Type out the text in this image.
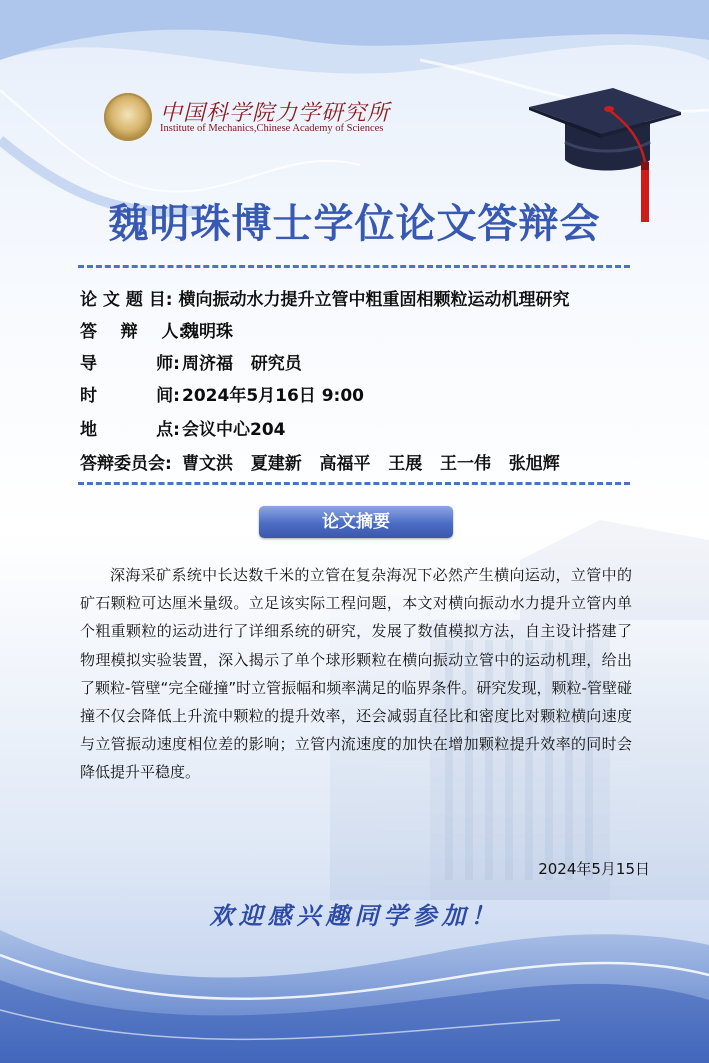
中国科学院力学研究所
Institute of Mechanics,Chinese Academy of Sciences
魏明珠博士学位论文答辩会
论 文 题 目: 横向振动水力提升立管中粗重固相颗粒运动机理研究
答    辩    人:魏明珠
导          师: 周济福   研究员
时          间: 2024年5月16日 9:00
地          点: 会议中心204
答辩委员会: 曹文洪   夏建新   高福平   王展   王一伟   张旭辉
论文摘要
深海采矿系统中长达数千米的立管在复杂海况下必然产生横向运动，立管中的矿石颗粒可达厘米量级。立足该实际工程问题，本文对横向振动水力提升立管内单个粗重颗粒的运动进行了详细系统的研究，发展了数值模拟方法，自主设计搭建了物理模拟实验装置，深入揭示了单个球形颗粒在横向振动立管中的运动机理，给出了颗粒-管壁“完全碰撞”时立管振幅和频率满足的临界条件。研究发现，颗粒-管壁碰撞不仅会降低上升流中颗粒的提升效率，还会减弱直径比和密度比对颗粒横向速度与立管振动速度相位差的影响；立管内流速度的加快在增加颗粒提升效率的同时会降低提升平稳度。
2024年5月15日
欢迎感兴趣同学参加！
